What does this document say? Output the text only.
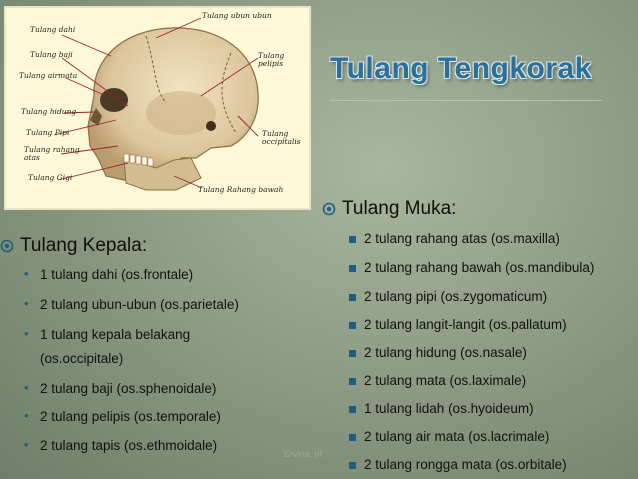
Tulang dahi
Tulang ubun ubun
Tulang baji	Tulang pelipis
Tulang airmata
Tulang hidung
Tulang Pipi
Tulang rahang
atas
Tulang
occipitalis
Tulang Gigi
Tulang Rahang bawah
Tulang Tengkorak
Tulang Kepala:
• 1 tulang dahi (os.frontale)
• 2 tulang ubun-ubun (os.parietale)
• 1 tulang kepala belakang
(os.occipitale)
• 2 tulang baji (os.sphenoidale)
• 2 tulang pelipis (os.temporale)
• 2 tulang tapis (os.ethmoidale)
Tulang Muka:
2 tulang rahang atas (os.maxilla)
2 tulang rahang bawah (os.mandibula)
2 tulang pipi (os.zygomaticum)
2 tulang langit-langit (os.pallatum)
2 tulang hidung (os.nasale)
2 tulang mata (os.laximale)
1 tulang lidah (os.hyoideum)
2 tulang air mata (os.lacrimale)
2 tulang rongga mata (os.orbitale)
Ervina, pf
